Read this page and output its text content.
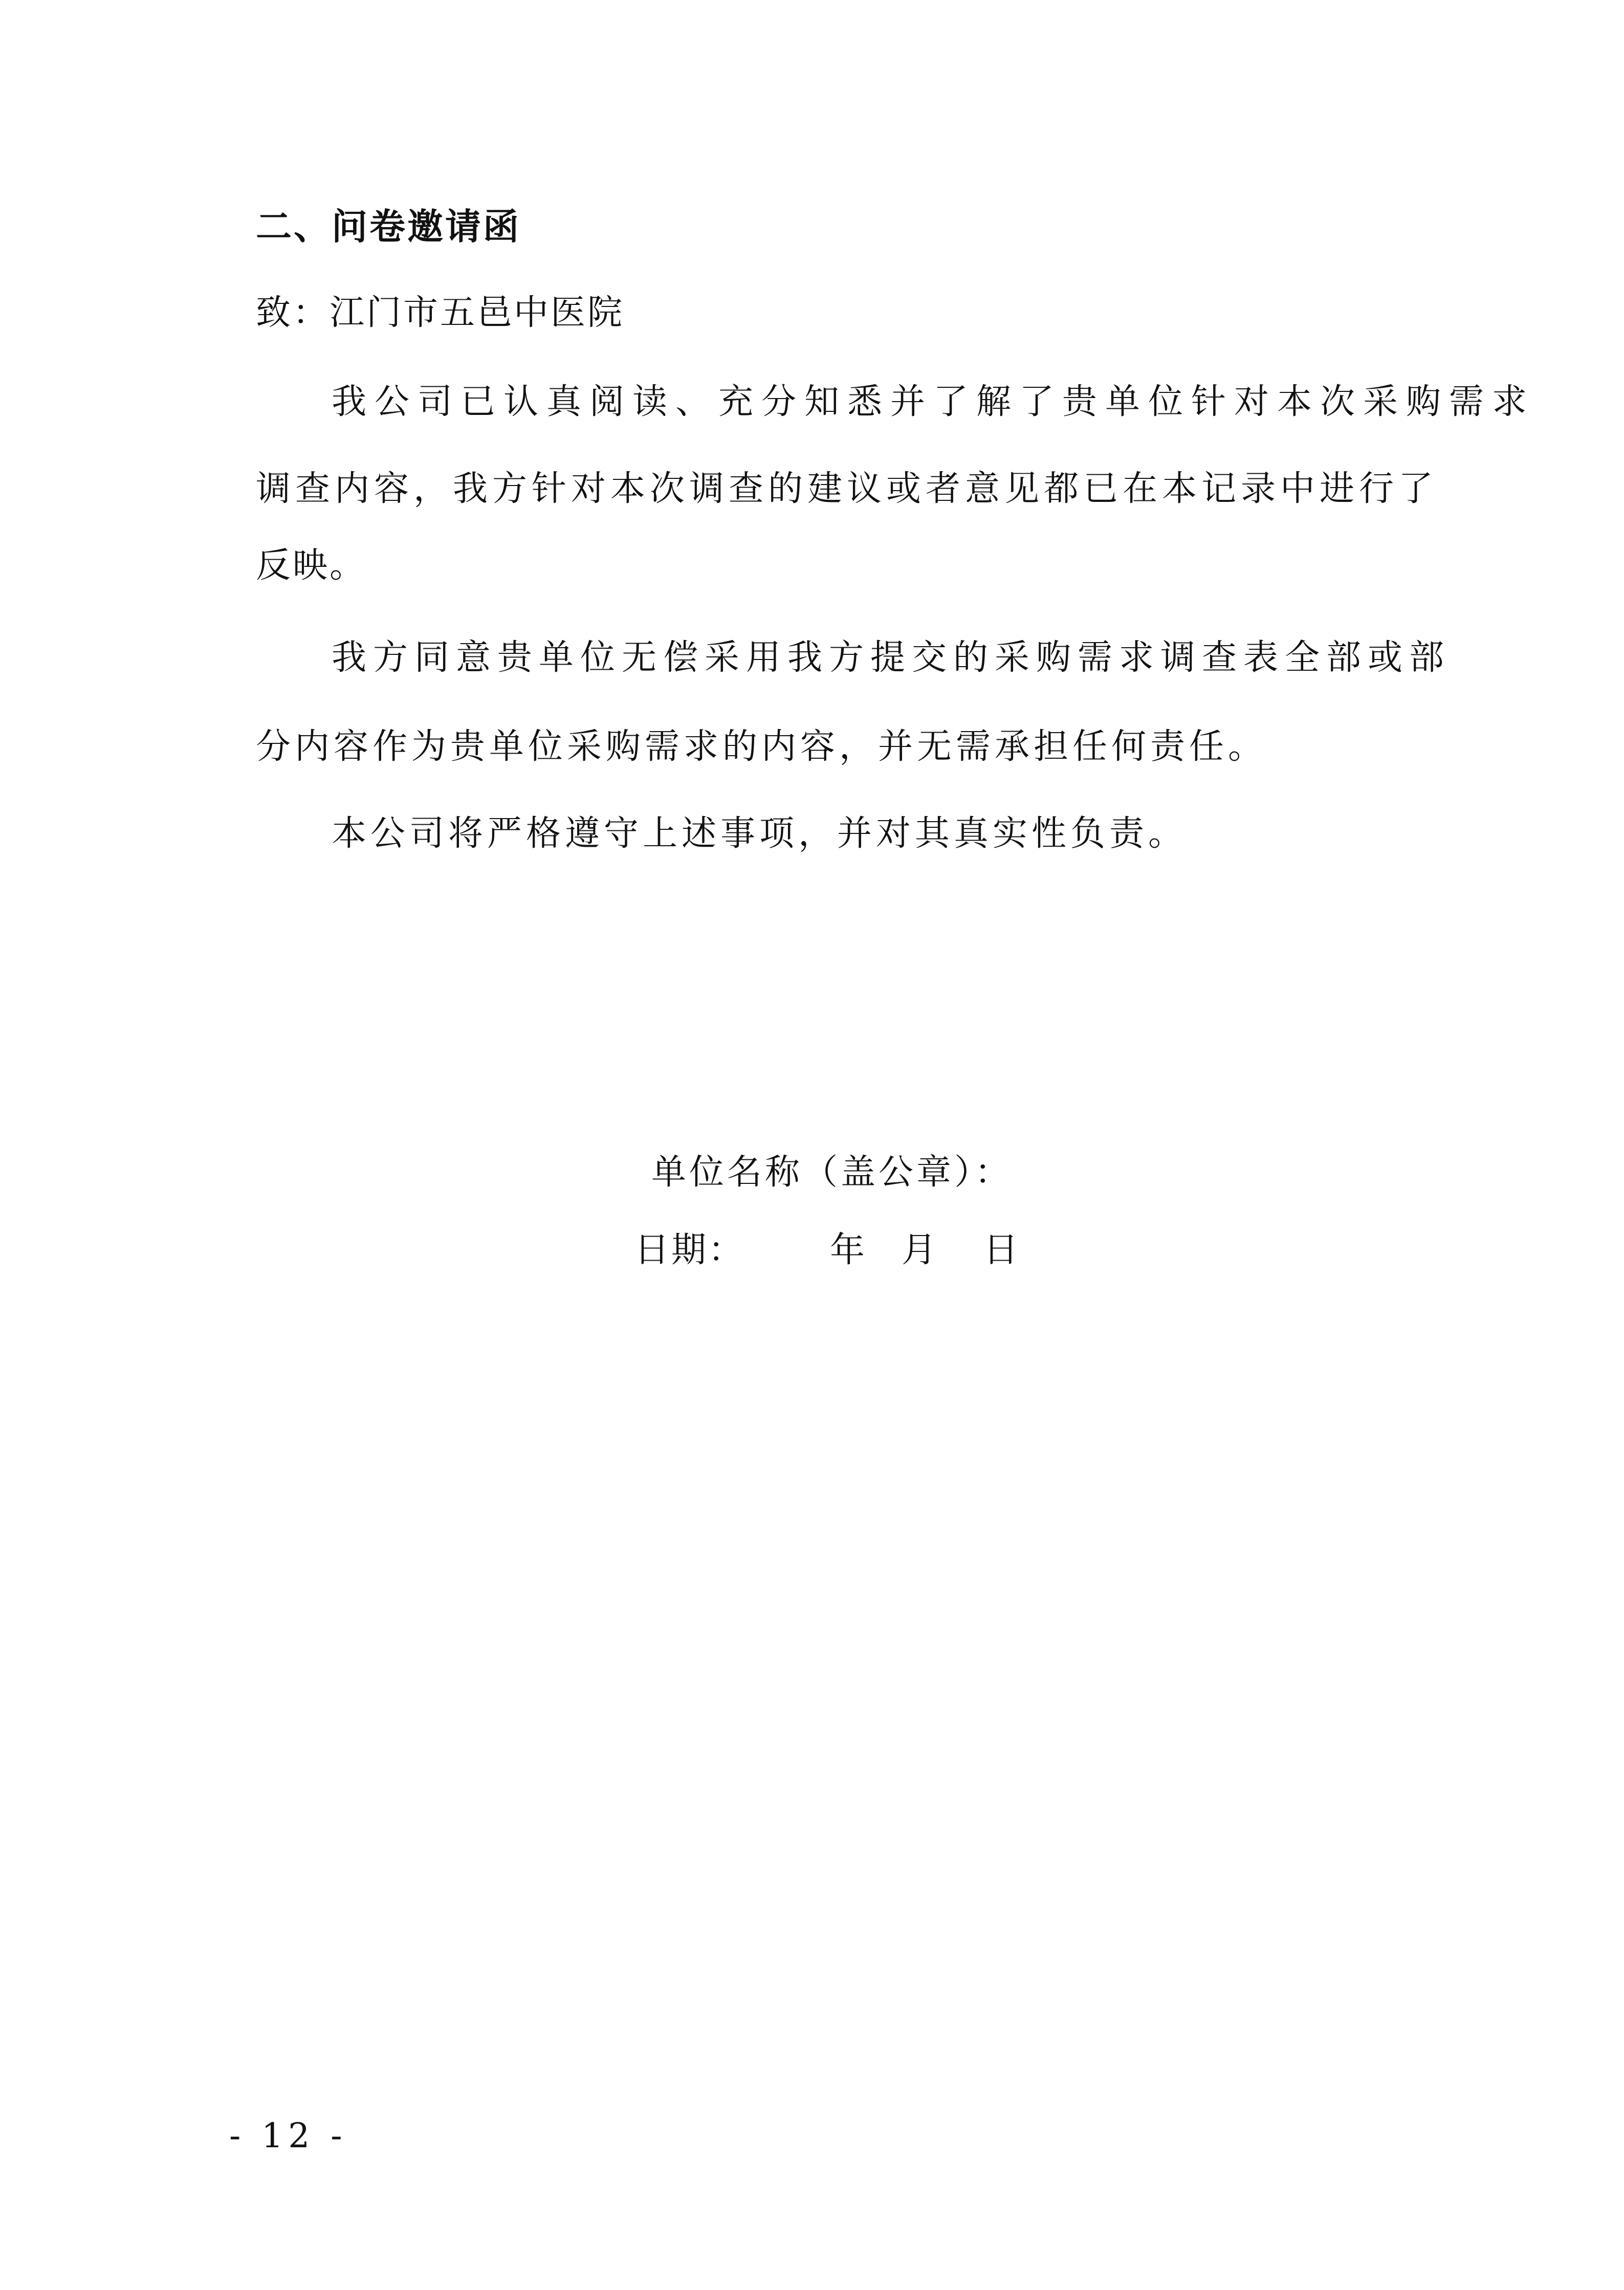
二、问卷邀请函
致：江门市五邑中医院
我公司已认真阅读、充分知悉并了解了贵单位针对本次采购需求
调查内容，我方针对本次调查的建议或者意见都已在本记录中进行了
反映。
我方同意贵单位无偿采用我方提交的采购需求调查表全部或部
分内容作为贵单位采购需求的内容，并无需承担任何责任。
本公司将严格遵守上述事项，并对其真实性负责。
单位名称（盖公章）：
日期： 年 月 日
- 12 -
